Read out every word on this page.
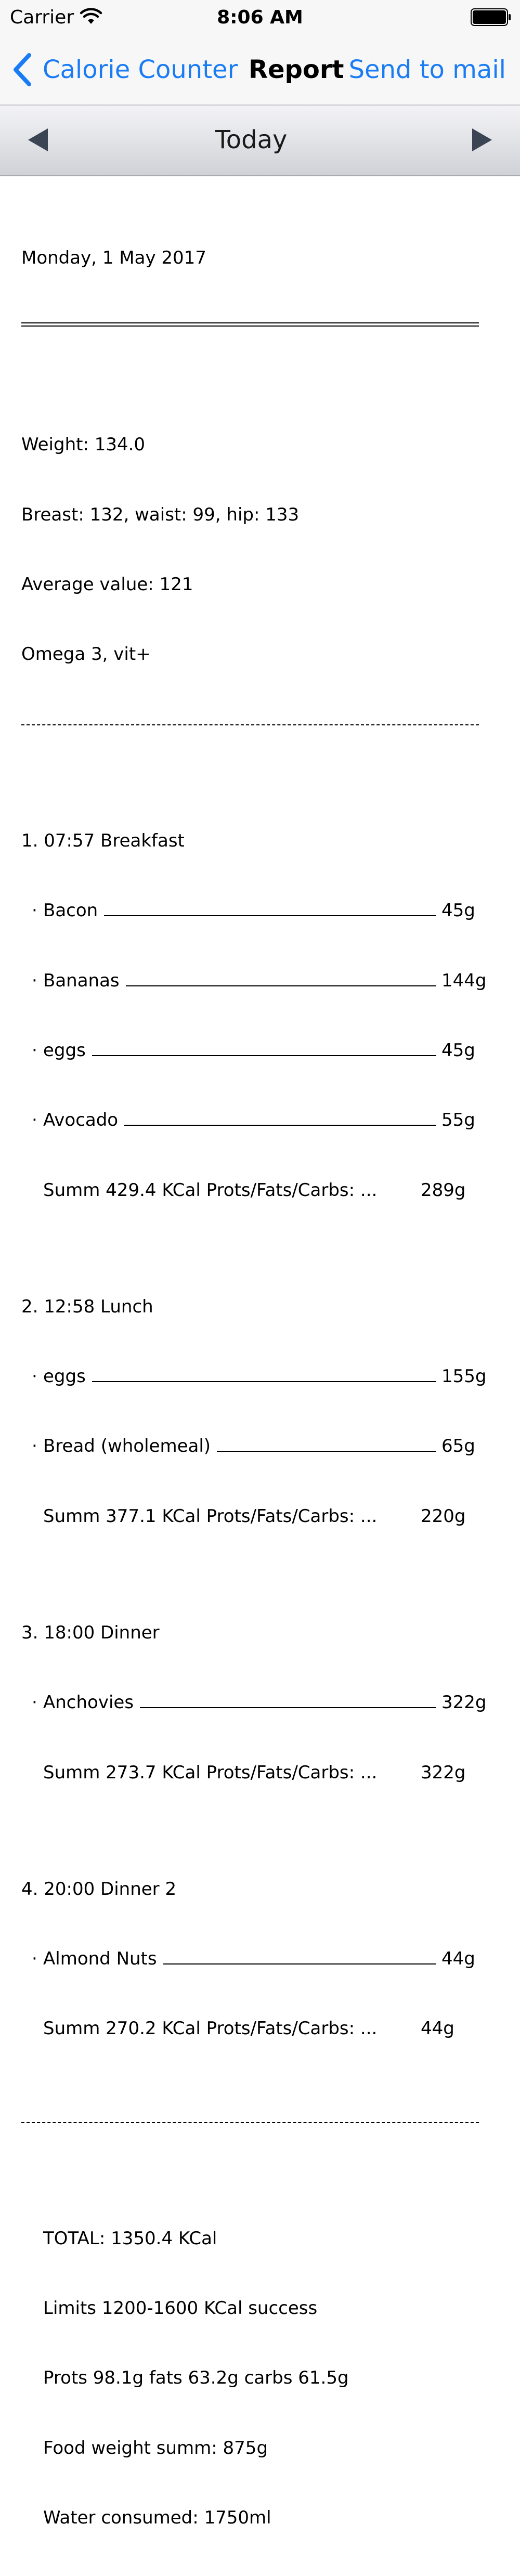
Carrier	8:06 AM
Calorie Counter Report Send to mail
Today

Monday, 1 May 2017

Weight: 134.0

Breast: 132, waist: 99, hip: 133

Average value: 121

Omega 3, vit+

1. 07:57 Breakfast

· Bacon	45g

· Bananas	144g

· eggs	45g

· Avocado	55g

Summ 429.4 KCal Prots/Fats/Carbs: ...	289g

2. 12:58 Lunch

· eggs	155g

· Bread (wholemeal)	65g

Summ 377.1 KCal Prots/Fats/Carbs: ...	220g

3. 18:00 Dinner

· Anchovies	322g

Summ 273.7 KCal Prots/Fats/Carbs: ...	322g

4. 20:00 Dinner 2

· Almond Nuts	44g

Summ 270.2 KCal Prots/Fats/Carbs: ...	44g

TOTAL: 1350.4 KCal

Limits 1200-1600 KCal success

Prots 98.1g fats 63.2g carbs 61.5g

Food weight summ: 875g

Water consumed: 1750ml
